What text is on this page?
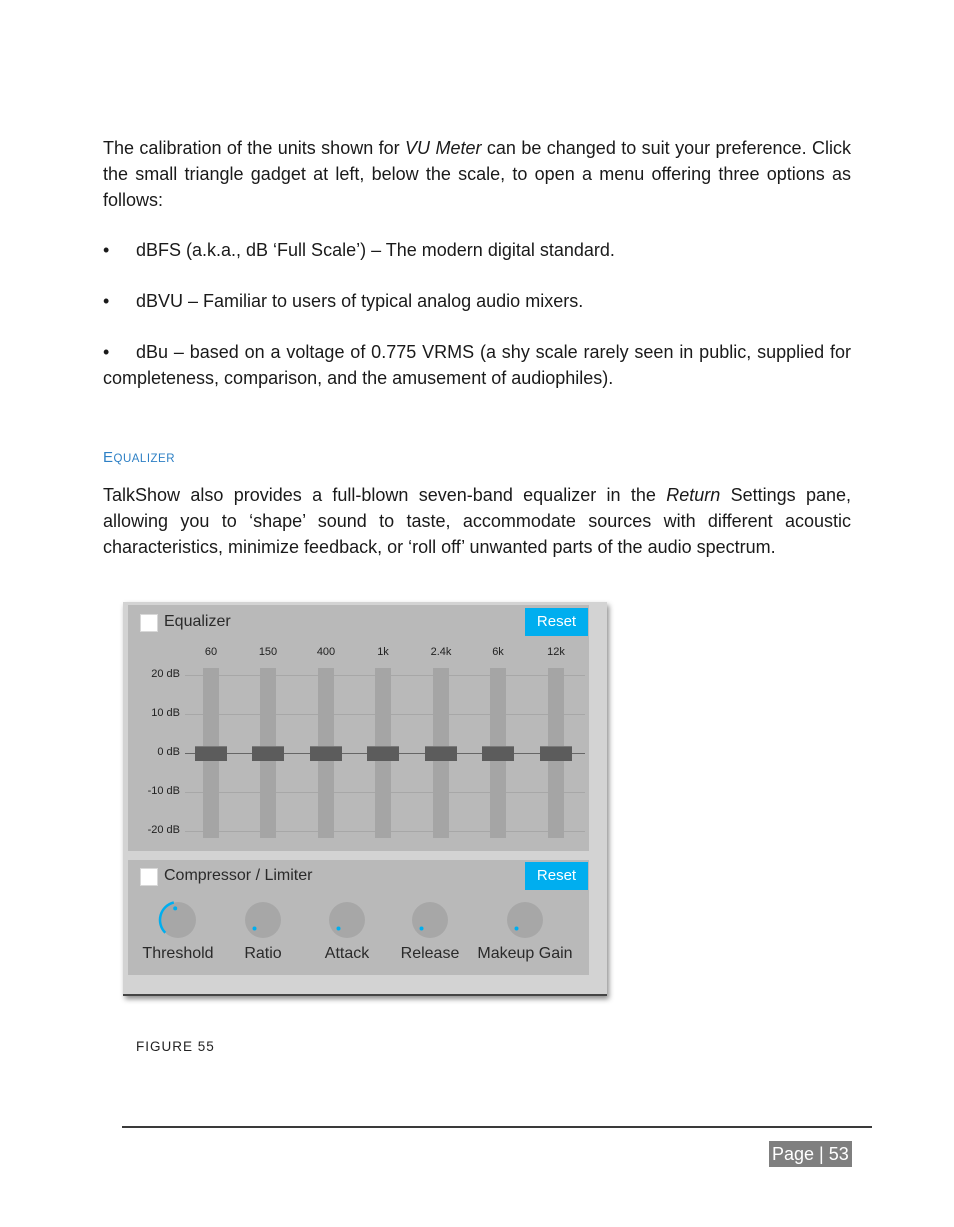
The calibration of the units shown for VU Meter can be changed to suit your preference. Click the small triangle gadget at left, below the scale, to open a menu offering three options as follows:

• dBFS (a.k.a., dB ‘Full Scale’) – The modern digital standard.

• dBVU – Familiar to users of typical analog audio mixers.

• dBu – based on a voltage of 0.775 VRMS (a shy scale rarely seen in public, supplied for completeness, comparison, and the amusement of audiophiles).

EQUALIZER

TalkShow also provides a full-blown seven-band equalizer in the Return Settings pane, allowing you to ‘shape’ sound to taste, accommodate sources with different acoustic characteristics, minimize feedback, or ‘roll off’ unwanted parts of the audio spectrum.

Equalizer	Reset
20 dB
10 dB
0 dB
-10 dB
-20 dB
60	150	400	1k	2.4k	6k	12k
Compressor / Limiter	Reset
Threshold	Ratio	Attack	Release	Makeup Gain
FIGURE 55
Page | 53
